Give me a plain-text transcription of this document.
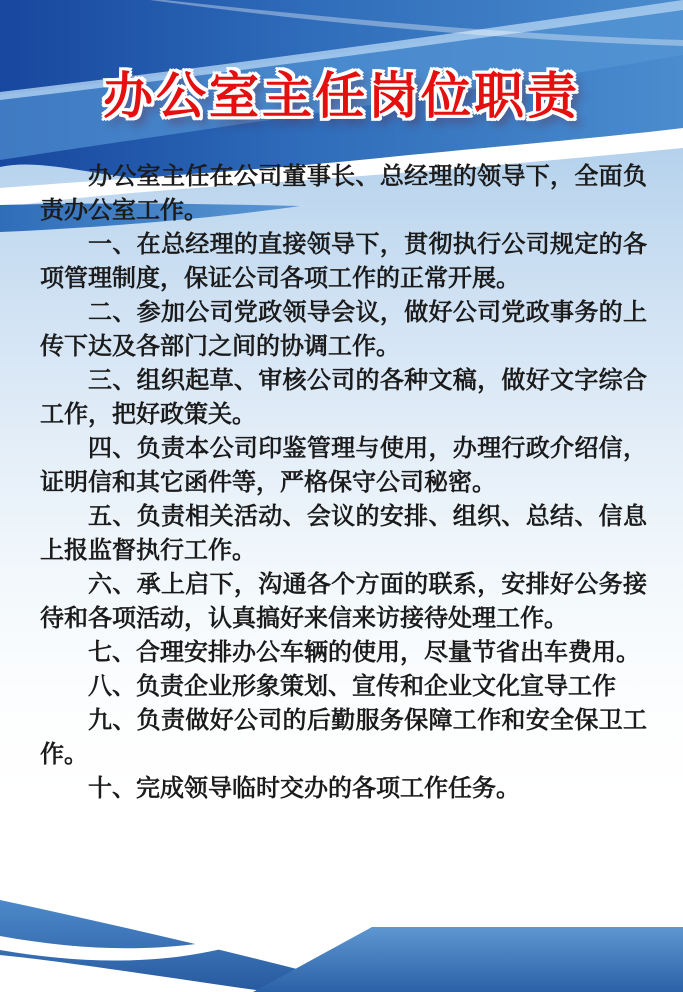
办公室主任岗位职责

办公室主任在公司董事长、总经理的领导下，全面负责办公室工作。

一、在总经理的直接领导下，贯彻执行公司规定的各项管理制度，保证公司各项工作的正常开展。

二、参加公司党政领导会议，做好公司党政事务的上传下达及各部门之间的协调工作。

三、组织起草、审核公司的各种文稿，做好文字综合工作，把好政策关。

四、负责本公司印鉴管理与使用，办理行政介绍信，证明信和其它函件等，严格保守公司秘密。

五、负责相关活动、会议的安排、组织、总结、信息上报监督执行工作。

六、承上启下，沟通各个方面的联系，安排好公务接待和各项活动，认真搞好来信来访接待处理工作。

七、合理安排办公车辆的使用，尽量节省出车费用。

八、负责企业形象策划、宣传和企业文化宣导工作

九、负责做好公司的后勤服务保障工作和安全保卫工作。

十、完成领导临时交办的各项工作任务。
